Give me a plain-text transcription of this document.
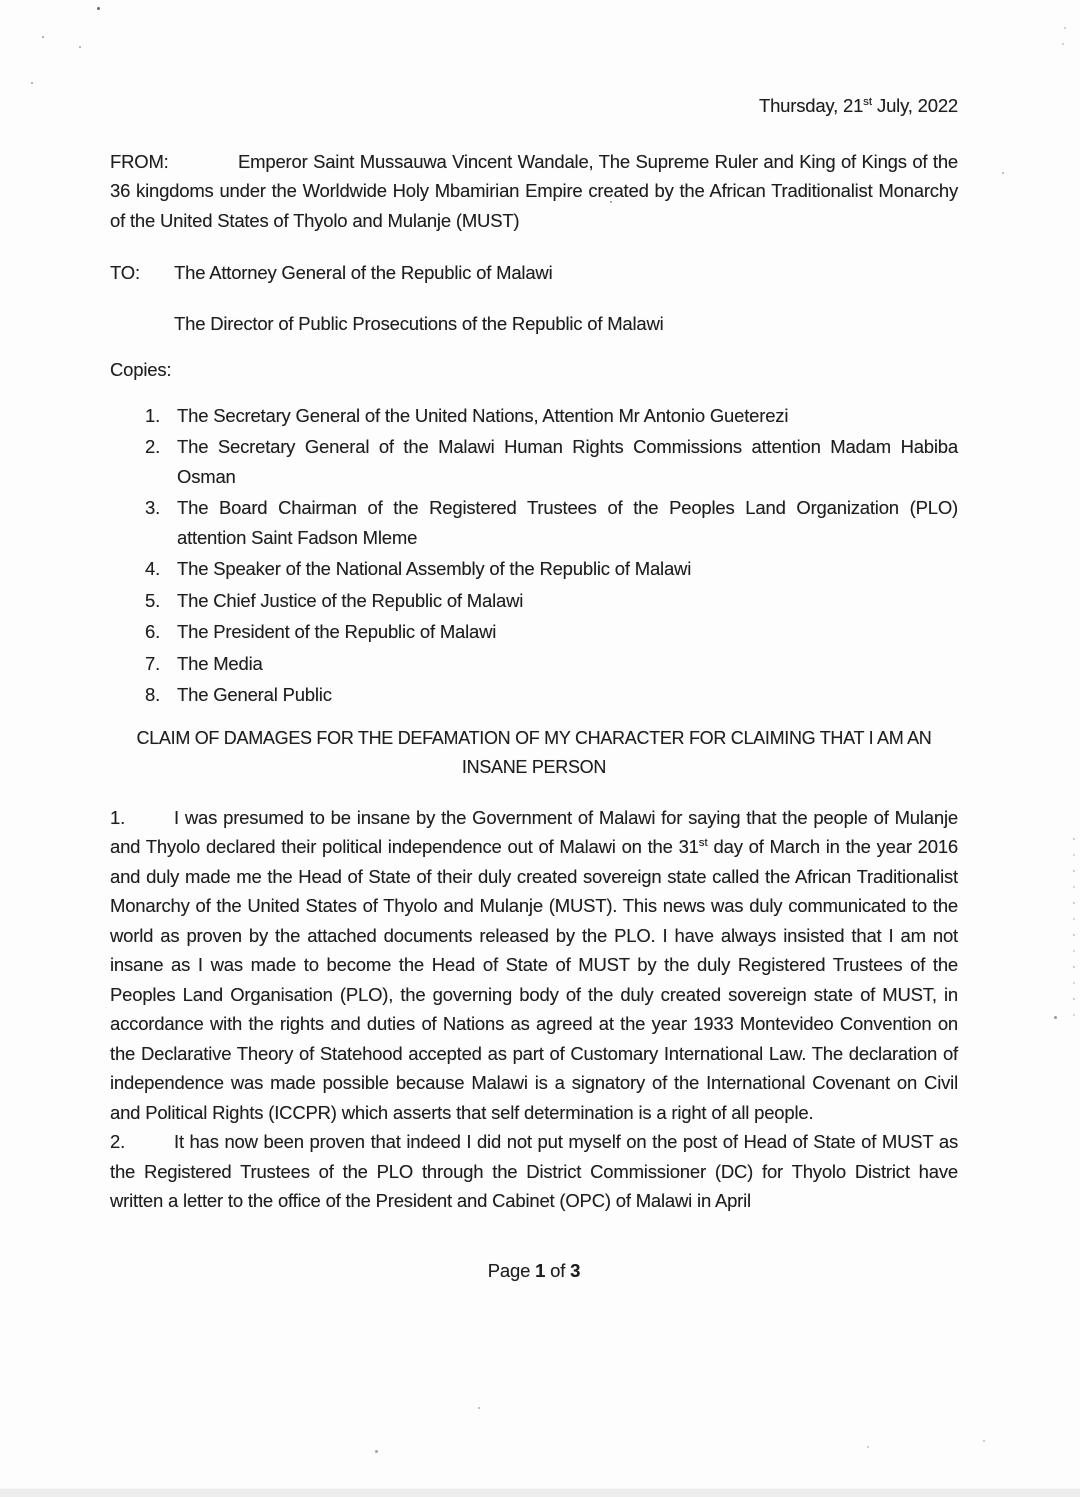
Thursday, 21st July, 2022
FROM:	Emperor Saint Mussauwa Vincent Wandale, The Supreme Ruler and King of Kings of the 36 kingdoms under the Worldwide Holy Mbamirian Empire created by the African Traditionalist Monarchy of the United States of Thyolo and Mulanje (MUST)
TO: The Attorney General of the Republic of Malawi
The Director of Public Prosecutions of the Republic of Malawi
Copies:
1. The Secretary General of the United Nations, Attention Mr Antonio Gueterezi
2. The Secretary General of the Malawi Human Rights Commissions attention Madam Habiba Osman
3. The Board Chairman of the Registered Trustees of the Peoples Land Organization (PLO) attention Saint Fadson Mleme
4. The Speaker of the National Assembly of the Republic of Malawi
5. The Chief Justice of the Republic of Malawi
6. The President of the Republic of Malawi
7. The Media
8. The General Public
CLAIM OF DAMAGES FOR THE DEFAMATION OF MY CHARACTER FOR CLAIMING THAT I AM AN
INSANE PERSON

1.	I was presumed to be insane by the Government of Malawi for saying that the people of Mulanje and Thyolo declared their political independence out of Malawi on the 31st day of March in the year 2016 and duly made me the Head of State of their duly created sovereign state called the African Traditionalist Monarchy of the United States of Thyolo and Mulanje (MUST). This news was duly communicated to the world as proven by the attached documents released by the PLO. I have always insisted that I am not insane as I was made to become the Head of State of MUST by the duly Registered Trustees of the Peoples Land Organisation (PLO), the governing body of the duly created sovereign state of MUST, in accordance with the rights and duties of Nations as agreed at the year 1933 Montevideo Convention on the Declarative Theory of Statehood accepted as part of Customary International Law. The declaration of independence was made possible because Malawi is a signatory of the International Covenant on Civil and Political Rights (ICCPR) which asserts that self determination is a right of all people.

2.	It has now been proven that indeed I did not put myself on the post of Head of State of MUST as the Registered Trustees of the PLO through the District Commissioner (DC) for Thyolo District have written a letter to the office of the President and Cabinet (OPC) of Malawi in April

Page 1 of 3
